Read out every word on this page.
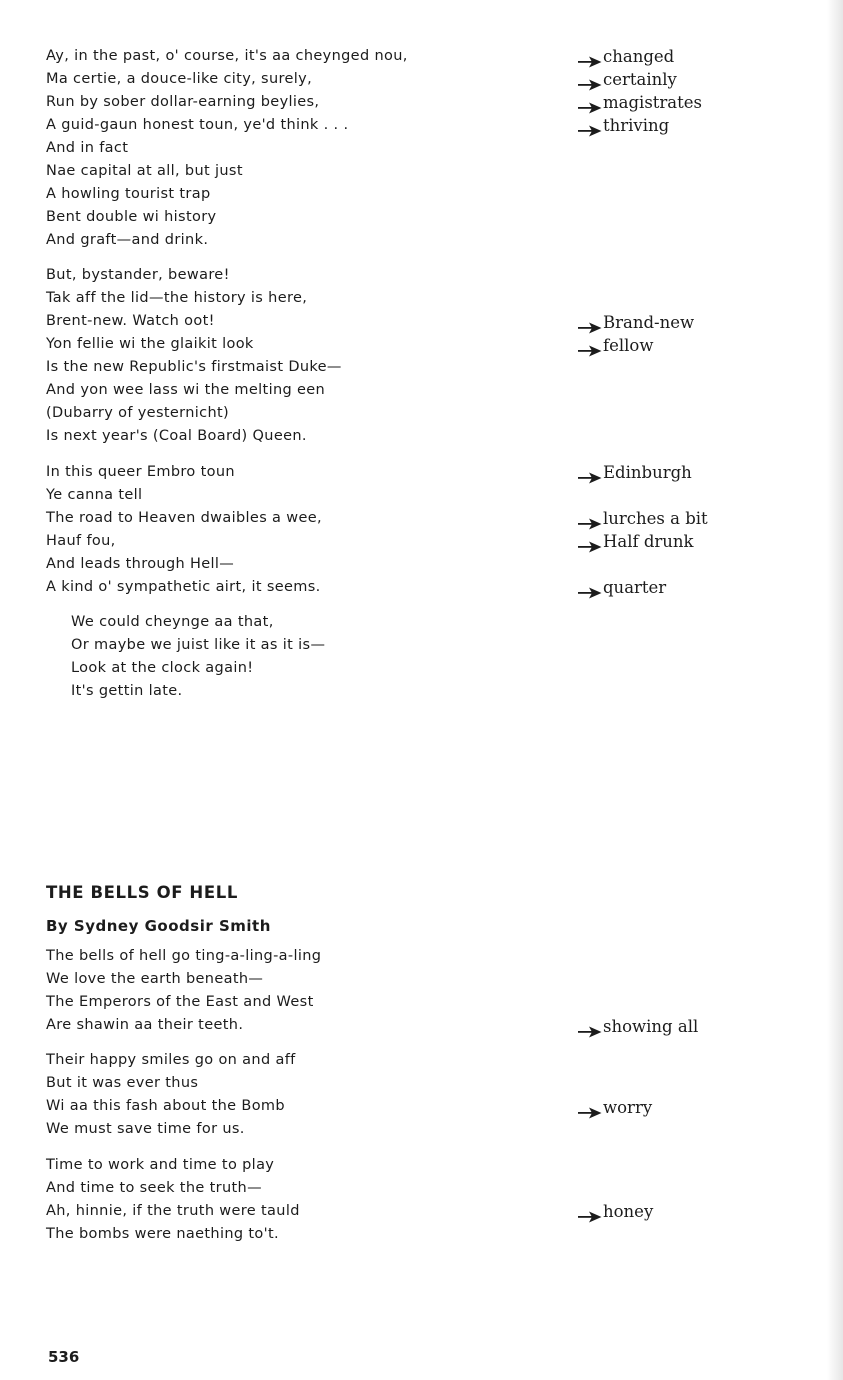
Ay, in the past, o' course, it's aa cheynged nou,
Ma certie, a douce-like city, surely,
Run by sober dollar-earning beylies,
A guid-gaun honest toun, ye'd think . . .
And in fact
Nae capital at all, but just
A howling tourist trap
Bent double wi history
And graft—and drink.
But, bystander, beware!
Tak aff the lid—the history is here,
Brent-new. Watch oot!
Yon fellie wi the glaikit look
Is the new Republic's firstmaist Duke—
And yon wee lass wi the melting een
(Dubarry of yesternicht)
Is next year's (Coal Board) Queen.
In this queer Embro toun
Ye canna tell
The road to Heaven dwaibles a wee,
Hauf fou,
And leads through Hell—
A kind o' sympathetic airt, it seems.
We could cheynge aa that,
Or maybe we juist like it as it is—
Look at the clock again!
It's gettin late.
changed
certainly
magistrates
thriving
Brand-new
fellow
Edinburgh
lurches a bit
Half drunk
quarter
THE BELLS OF HELL
By Sydney Goodsir Smith
The bells of hell go ting-a-ling-a-ling
We love the earth beneath—
The Emperors of the East and West
Are shawin aa their teeth.
Their happy smiles go on and aff
But it was ever thus
Wi aa this fash about the Bomb
We must save time for us.
Time to work and time to play
And time to seek the truth—
Ah, hinnie, if the truth were tauld
The bombs were naething to't.
showing all
worry
honey
536
